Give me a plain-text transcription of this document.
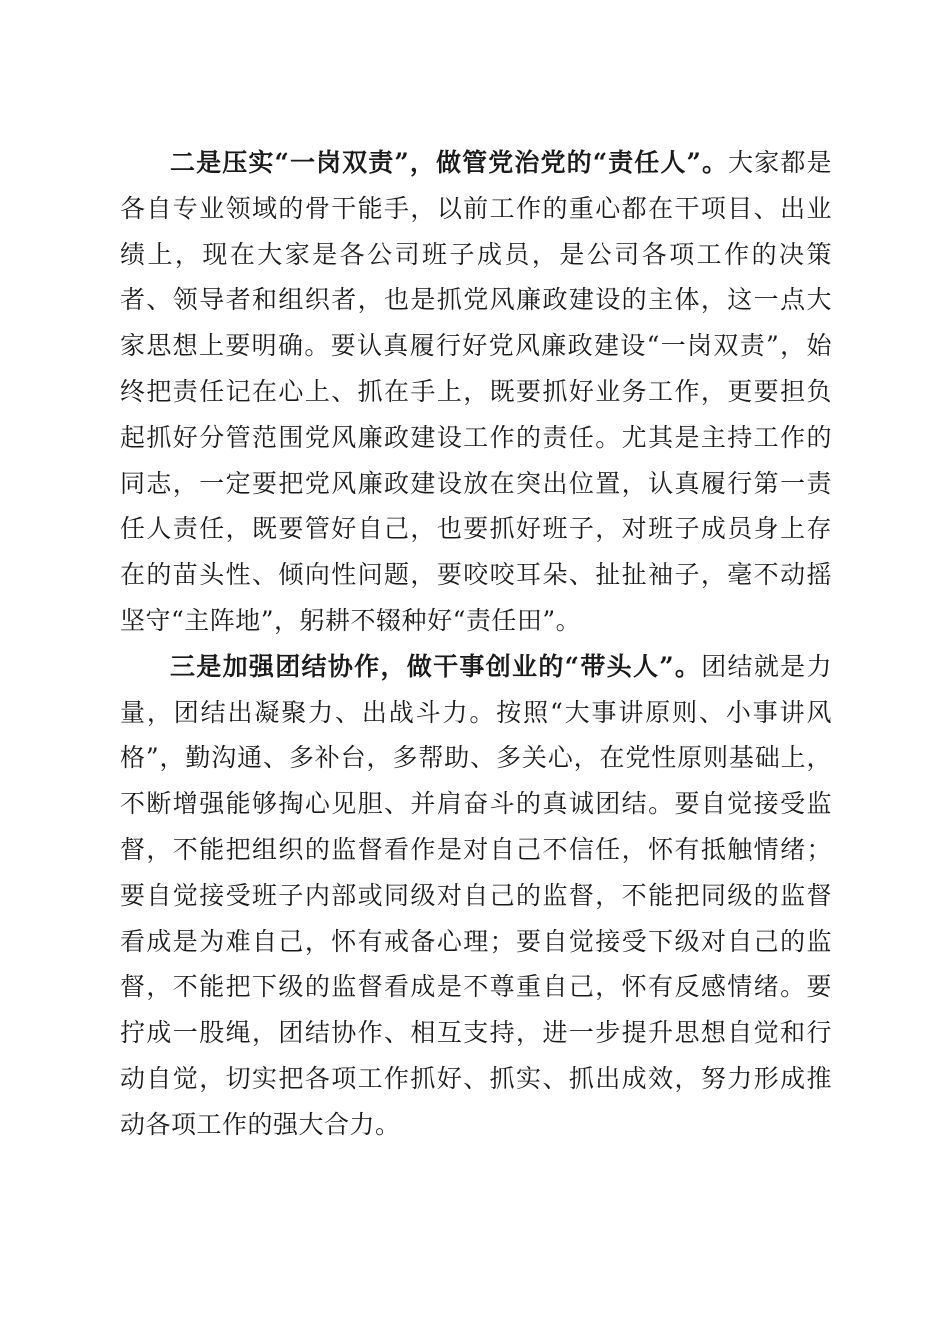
二是压实“一岗双责”，做管党治党的“责任人”。大家都是各自专业领域的骨干能手，以前工作的重心都在干项目、出业绩上，现在大家是各公司班子成员，是公司各项工作的决策者、领导者和组织者，也是抓党风廉政建设的主体，这一点大家思想上要明确。要认真履行好党风廉政建设“一岗双责”，始终把责任记在心上、抓在手上，既要抓好业务工作，更要担负起抓好分管范围党风廉政建设工作的责任。尤其是主持工作的同志，一定要把党风廉政建设放在突出位置，认真履行第一责任人责任，既要管好自己，也要抓好班子，对班子成员身上存在的苗头性、倾向性问题，要咬咬耳朵、扯扯袖子，毫不动摇坚守“主阵地”，躬耕不辍种好“责任田”。

三是加强团结协作，做干事创业的“带头人”。团结就是力量，团结出凝聚力、出战斗力。按照“大事讲原则、小事讲风格”，勤沟通、多补台，多帮助、多关心，在党性原则基础上，不断增强能够掏心见胆、并肩奋斗的真诚团结。要自觉接受监督，不能把组织的监督看作是对自己不信任，怀有抵触情绪；要自觉接受班子内部或同级对自己的监督，不能把同级的监督看成是为难自己，怀有戒备心理；要自觉接受下级对自己的监督，不能把下级的监督看成是不尊重自己，怀有反感情绪。要拧成一股绳，团结协作、相互支持，进一步提升思想自觉和行动自觉，切实把各项工作抓好、抓实、抓出成效，努力形成推动各项工作的强大合力。
